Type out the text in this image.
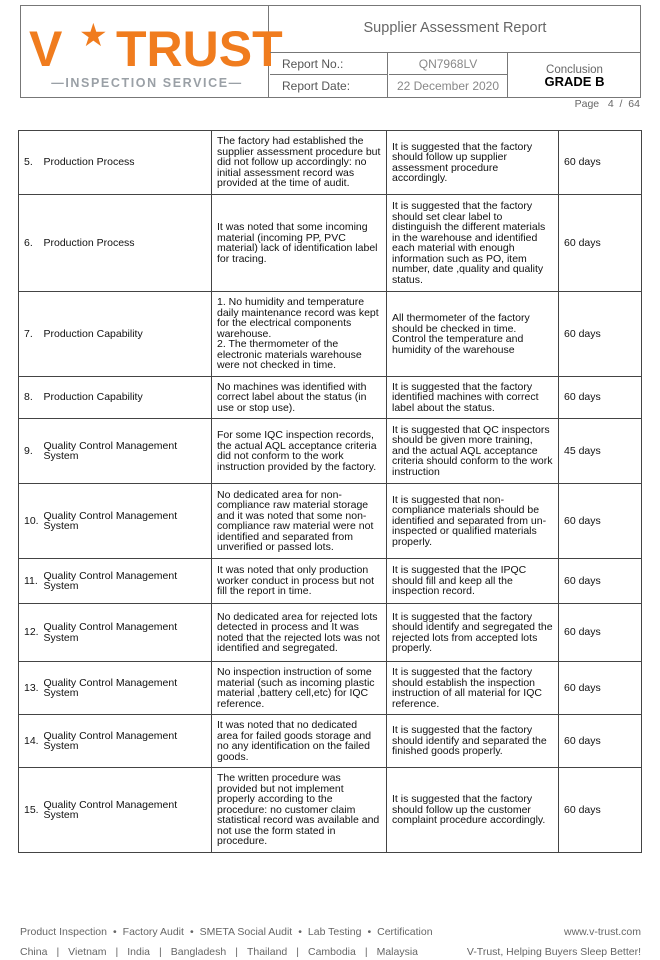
V ★ TRUST
—INSPECTION SERVICE—
Supplier Assessment Report
Report No.:	QN7968LV
Report Date:	22 December 2020
Conclusion
GRADE B
Page   4  /  64
5.	Production Process	The factory had established the supplier assessment procedure but did not follow up accordingly: no initial assessment record was provided at the time of audit.	It is suggested that the factory should follow up supplier assessment procedure accordingly.	60 days
6.	Production Process	It was noted that some incoming material (incoming PP, PVC material) lack of identification label for tracing.	It is suggested that the factory should set clear label to distinguish the different materials in the warehouse and identified each material with enough information such as PO, item number, date ,quality and quality status.	60 days
7.	Production Capability	1. No humidity and temperature daily maintenance record was kept for the electrical components warehouse.
2. The thermometer of the electronic materials warehouse were not checked in time.	All thermometer of the factory should be checked in time. Control the temperature and humidity of the warehouse	60 days
8.	Production Capability	No machines was identified with correct label about the status (in use or stop use).	It is suggested that the factory identified machines with correct label about the status.	60 days
9.	Quality Control Management System	For some IQC inspection records, the actual AQL acceptance criteria did not conform to the work instruction provided by the factory.	It is suggested that QC inspectors should be given more training, and the actual AQL acceptance criteria should conform to the work instruction	45 days
10.	Quality Control Management System	No dedicated area for non-compliance raw material storage and it was noted that some non-compliance raw material were not identified and separated from unverified or passed lots.	It is suggested that non-compliance materials should be identified and separated from un-inspected or qualified materials properly.	60 days
11.	Quality Control Management System	It was noted that only production worker conduct in process but not fill the report in time.	It is suggested that the IPQC should fill and keep all the inspection record.	60 days
12.	Quality Control Management System	No dedicated area for rejected lots detected in process and It was noted that the rejected lots was not identified and segregated.	It is suggested that the factory should identify and segregated the rejected lots from accepted lots properly.	60 days
13.	Quality Control Management System	No inspection instruction of some material (such as incoming plastic material ,battery cell,etc) for IQC reference.	It is suggested that the factory should establish the inspection instruction of all material for IQC reference.	60 days
14.	Quality Control Management System	It was noted that no dedicated area for failed goods storage and no any identification on the failed goods.	It is suggested that the factory should identify and separated the finished goods properly.	60 days
15.	Quality Control Management System	The written procedure was provided but not implement properly according to the procedure: no customer claim statistical record was available and not use the form stated in procedure.	It is suggested that the factory should follow up the customer complaint procedure accordingly.	60 days
Product Inspection • Factory Audit • SMETA Social Audit • Lab Testing • Certification	www.v-trust.com
China | Vietnam | India | Bangladesh | Thailand | Cambodia | Malaysia	V-Trust, Helping Buyers Sleep Better!
